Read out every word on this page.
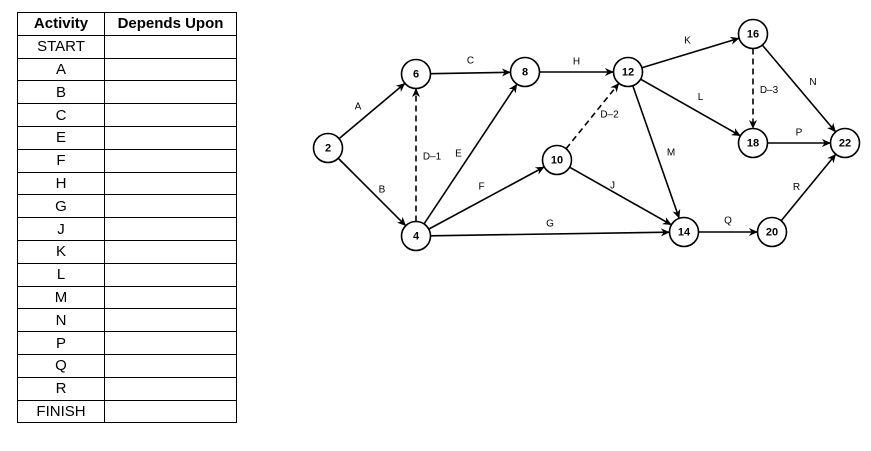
Activity	Depends Upon
START	
A	
B	
C	
E	
F	
H	
G	
J	
K	
L	
M	
N	
P	
Q	
R	
FINISH	
A
B
D–1
C
E
F
G
H
D–2
J
K
L
M
D–3
N
P
Q
R
2
4
6	8
10
12
14
16
18
20
22
